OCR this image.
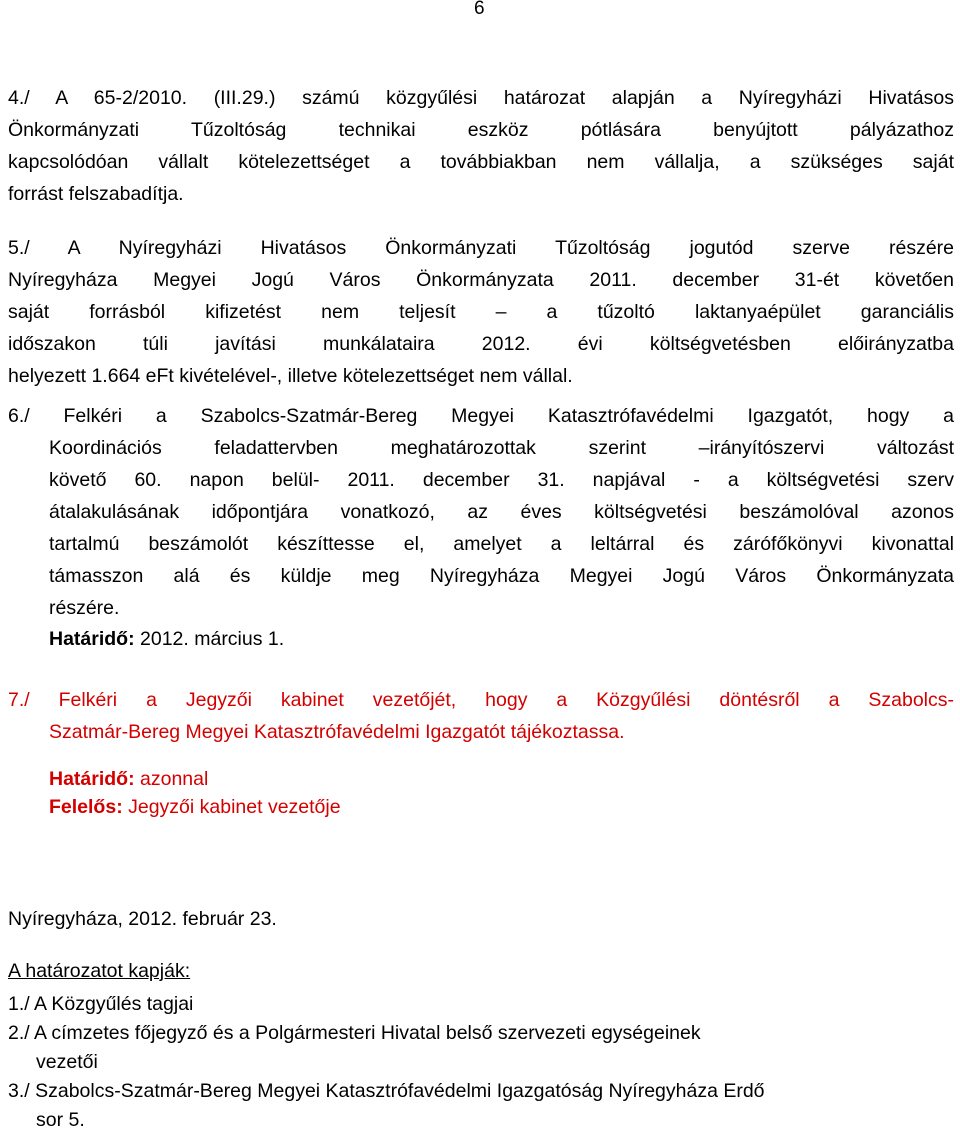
6
4./ A 65-2/2010. (III.29.) számú közgyűlési határozat alapján a Nyíregyházi Hivatásos
Önkormányzati Tűzoltóság technikai eszköz pótlására benyújtott pályázathoz
kapcsolódóan vállalt kötelezettséget a továbbiakban nem vállalja, a szükséges saját
forrást felszabadítja.
5./ A Nyíregyházi Hivatásos Önkormányzati Tűzoltóság jogutód szerve részére
Nyíregyháza Megyei Jogú Város Önkormányzata 2011. december 31-ét követően
saját forrásból kifizetést nem teljesít – a tűzoltó laktanyaépület garanciális
időszakon túli javítási munkálataira 2012. évi költségvetésben előirányzatba
helyezett 1.664 eFt kivételével-, illetve kötelezettséget nem vállal.
6./ Felkéri a Szabolcs-Szatmár-Bereg Megyei Katasztrófavédelmi Igazgatót, hogy a
Koordinációs feladattervben meghatározottak szerint –irányítószervi változást
követő 60. napon belül- 2011. december 31. napjával - a költségvetési szerv
átalakulásának időpontjára vonatkozó, az éves költségvetési beszámolóval azonos
tartalmú beszámolót készíttesse el, amelyet a leltárral és zárófőkönyvi kivonattal
támasszon alá és küldje meg Nyíregyháza Megyei Jogú Város Önkormányzata
részére.
Határidő: 2012. március 1.
7./ Felkéri a Jegyzői kabinet vezetőjét, hogy a Közgyűlési döntésről a Szabolcs-
Szatmár-Bereg Megyei Katasztrófavédelmi Igazgatót tájékoztassa.
Határidő: azonnal
Felelős: Jegyzői kabinet vezetője
Nyíregyháza, 2012. február 23.
A határozatot kapják:
1./ A Közgyűlés tagjai
2./ A címzetes főjegyző és a Polgármesteri Hivatal belső szervezeti egységeinek
vezetői
3./ Szabolcs-Szatmár-Bereg Megyei Katasztrófavédelmi Igazgatóság Nyíregyháza Erdő
sor 5.
